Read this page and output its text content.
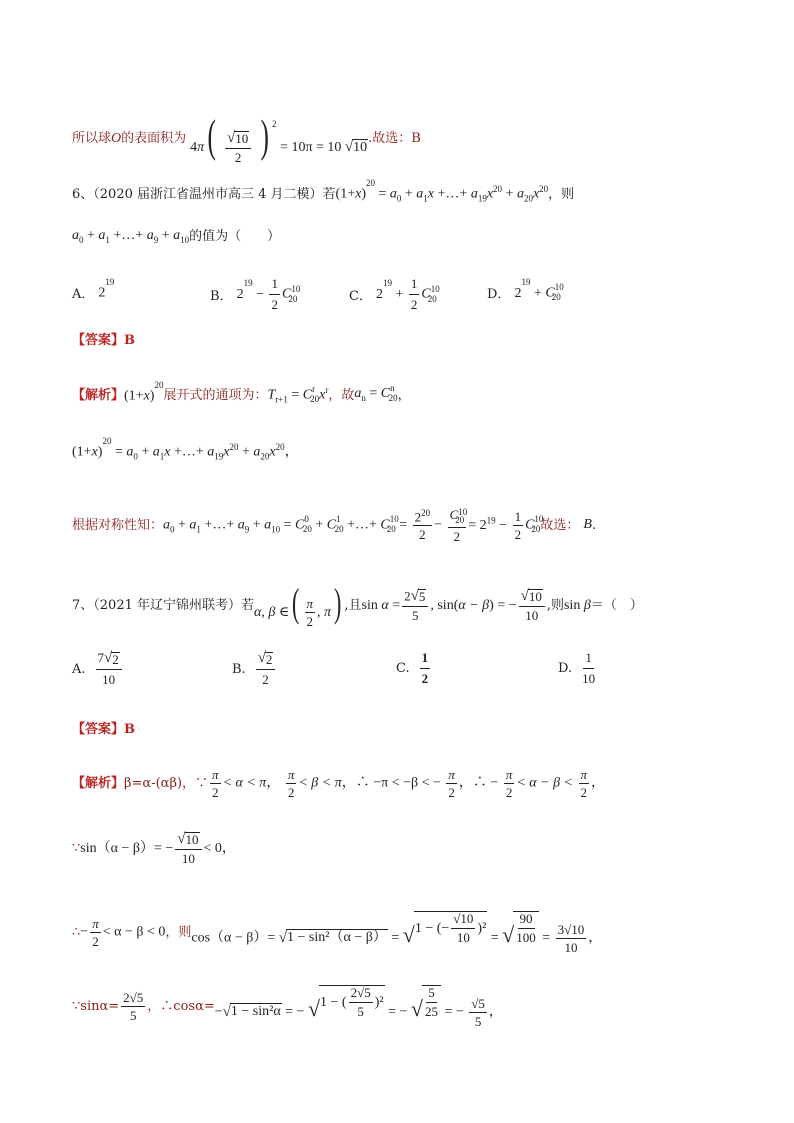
所以球 O 的表面积为
$4\pi( \frac{√ 10}{2}$ ) $^2$ = 10π = 10 √ 10
.故选：B
6、（2020 届浙江省温州市高三 4 月二模）若 $(1+x)^{20} = a_0 + a_1x$ +…+ $a_{19}x^{20} + a_{20}x^{20}$ ，则
$a_0 + a_1$ +…+ $a_9 + a_{10}$ 的值为（　　）
A． $2^{19}$
B． $2^{19} - \frac{1}{2} C_{1020}$	C． $2^{19} + \frac{1}{2} C_{1020}$	D． $2^{19} + C_{1020}$
【答案】B
【解析】 $(1+x)^{20}$
展开式的通项为： $T_{r+1} = C_{r20}x^r$ ，故 $a_n = C_{n20}$ ，
$(1+x)^{20} = a_0 + a_1x$ +…+ $a_{19}x^{20} + a_{20}x^{20}$，
根据对称性知： $a_0 + a_1$ +…+ $a_9 + a_{10} = C_{020} + C_{120}$ +…+ $C_{1020} = \frac{2^{20}}{2} - \frac{C_{1020}}{2} = 2^{19} - \frac{1}{2} C_{1020}$ 故选： B .
7、（2021 年辽宁锦州联考）若 α, β ∈( $\frac{\pi}{2}$ , π) ,且 $\sin \alpha = \frac{2 √ 5}{5}$ , sin(α − β) = − $\frac{√ 10}{10}$ ,则 sin β ＝（　）
A. $\frac{7 √ 2}{10}$	B. $\frac{√ 2}{2}$	C. $\frac{1}{2}$	D. $\frac{1}{10}$
【答案】B
【解析】 β=α-(αβ)，∵ $\frac{\pi}{2} < \alpha < \pi$， $\frac{\pi}{2} < \beta < \pi$，∴ −π < −β < − $\frac{\pi}{2}$ ，∴ − $\frac{\pi}{2} < \alpha - \beta < \frac{\pi}{2}$ ，
∵ $\sin(\alpha - \beta)= - \frac{√ 10}{10} < 0$，
∴ − $\frac{\pi}{2} < \alpha - \beta < 0$ ，则 cos（α − β）= √ 1 − sin²（α − β） = √ 1 − (− $\frac{√10}{10} )^2$
= √ $\frac{90}{100} = \frac{3√10}{10}$ ，
∵ $\sin\alpha= \frac{2√5}{5}$ ，∴cosα= − √ 1 − sin²α = − √ 1 − ( $\frac{2√5}{5} )^2$
= − √ $\frac{5}{25}$ = − $\frac{√5}{5}$ ，
